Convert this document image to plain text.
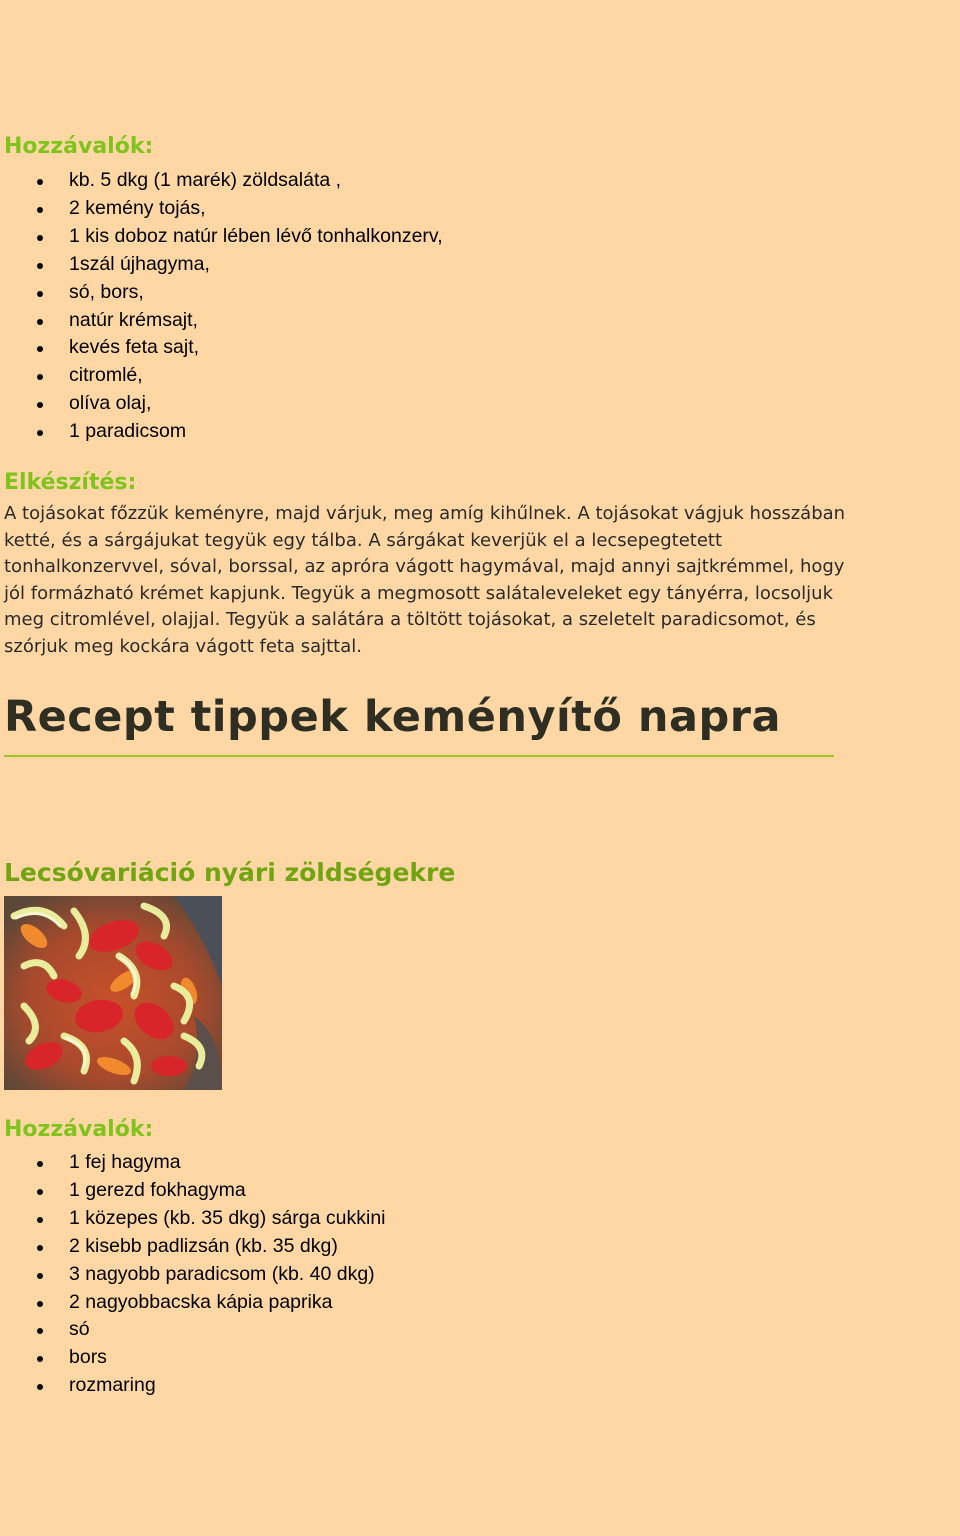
Hozzávalók:
kb. 5 dkg (1 marék) zöldsaláta ,
2 kemény tojás,
1 kis doboz natúr lében lévő tonhalkonzerv,
1szál újhagyma,
só, bors,
natúr krémsajt,
kevés feta sajt,
citromlé,
olíva olaj,
1 paradicsom
Elkészítés:

A tojásokat főzzük keményre, majd várjuk, meg amíg kihűlnek. A tojásokat vágjuk hosszában ketté, és a sárgájukat tegyük egy tálba. A sárgákat keverjük el a lecsepegtetett tonhalkonzervvel, sóval, borssal, az apróra vágott hagymával, majd annyi sajtkrémmel, hogy jól formázható krémet kapjunk. Tegyük a megmosott salátaleveleket egy tányérra, locsoljuk meg citromlével, olajjal. Tegyük a salátára a töltött tojásokat, a szeletelt paradicsomot, és szórjuk meg kockára vágott feta sajttal.

Recept tippek keményítő napra
Lecsóvariáció nyári zöldségekre
Hozzávalók:
1 fej hagyma
1 gerezd fokhagyma
1 közepes (kb. 35 dkg) sárga cukkini
2 kisebb padlizsán (kb. 35 dkg)
3 nagyobb paradicsom (kb. 40 dkg)
2 nagyobbacska kápia paprika
só
bors
rozmaring
